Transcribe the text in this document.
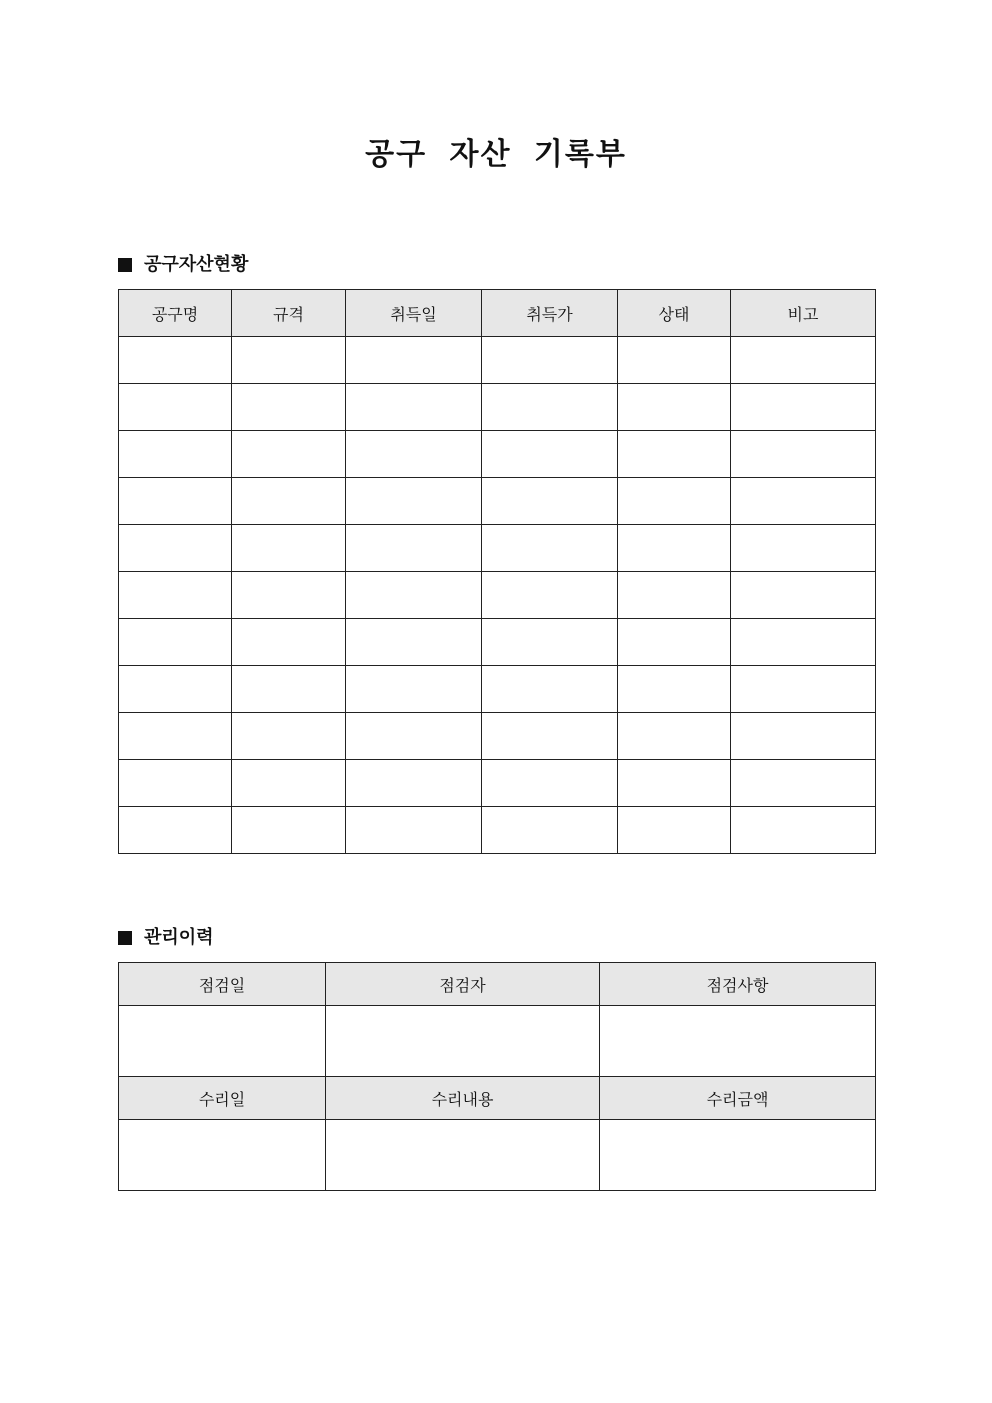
공구 자산 기록부
공구자산현황
공구명	규격	취득일	취득가	상태	비고

관리이력
점검일	점검자	점검사항

수리일	수리내용	수리금액
